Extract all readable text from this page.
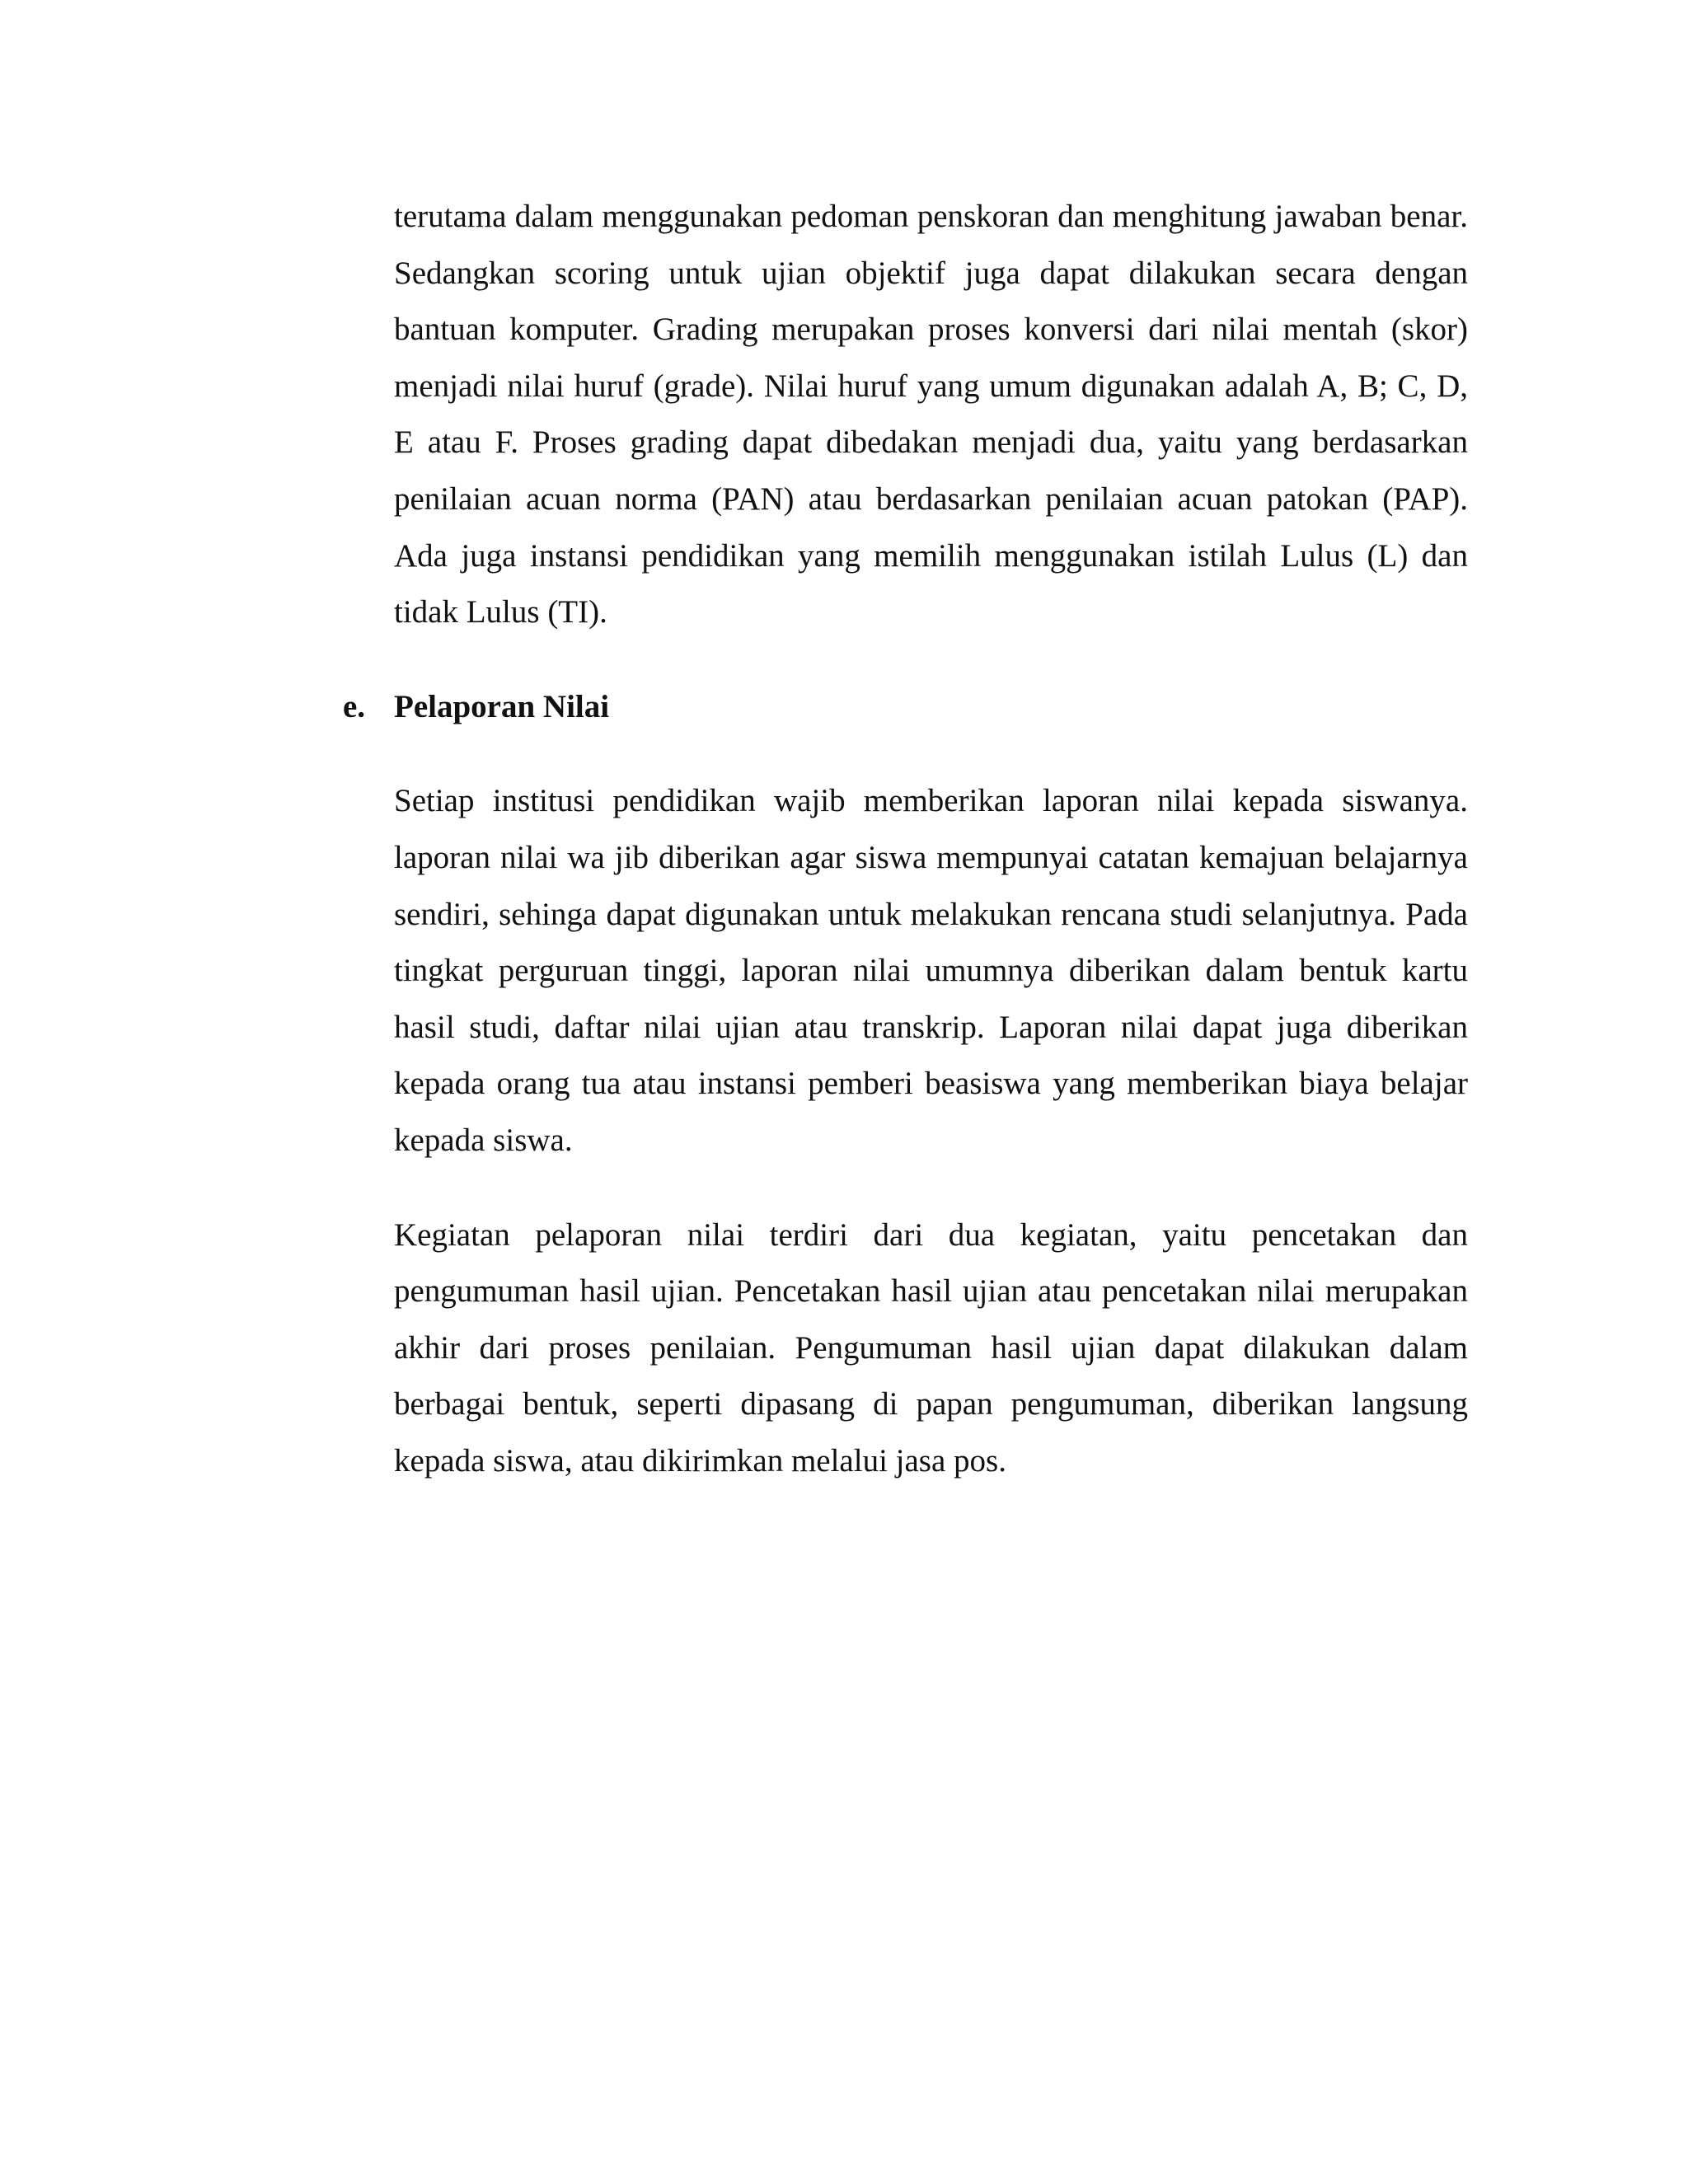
terutama dalam menggunakan pedoman penskoran dan menghitung jawaban benar. Sedangkan scoring untuk ujian objektif juga dapat dilakukan secara dengan bantuan komputer. Grading merupakan proses konversi dari nilai mentah (skor) menjadi nilai huruf (grade). Nilai huruf yang umum digunakan adalah A, B; C, D, E atau F. Proses grading dapat dibedakan menjadi dua, yaitu yang berdasarkan penilaian acuan norma (PAN) atau berdasarkan penilaian acuan patokan (PAP). Ada juga instansi pendidikan yang memilih menggunakan istilah Lulus (L) dan tidak Lulus (TI).

e. Pelaporan Nilai

Setiap institusi pendidikan wajib memberikan laporan nilai kepada siswanya. laporan nilai wa jib diberikan agar siswa mempunyai catatan kemajuan belajarnya sendiri, sehinga dapat digunakan untuk melakukan rencana studi selanjutnya. Pada tingkat perguruan tinggi, laporan nilai umumnya diberikan dalam bentuk kartu hasil studi, daftar nilai ujian atau transkrip. Laporan nilai dapat juga diberikan kepada orang tua atau instansi pemberi beasiswa yang memberikan biaya belajar kepada siswa.

Kegiatan pelaporan nilai terdiri dari dua kegiatan, yaitu pencetakan dan pengumuman hasil ujian. Pencetakan hasil ujian atau pencetakan nilai merupakan akhir dari proses penilaian. Pengumuman hasil ujian dapat dilakukan dalam berbagai bentuk, seperti dipasang di papan pengumuman, diberikan langsung kepada siswa, atau dikirimkan melalui jasa pos.
